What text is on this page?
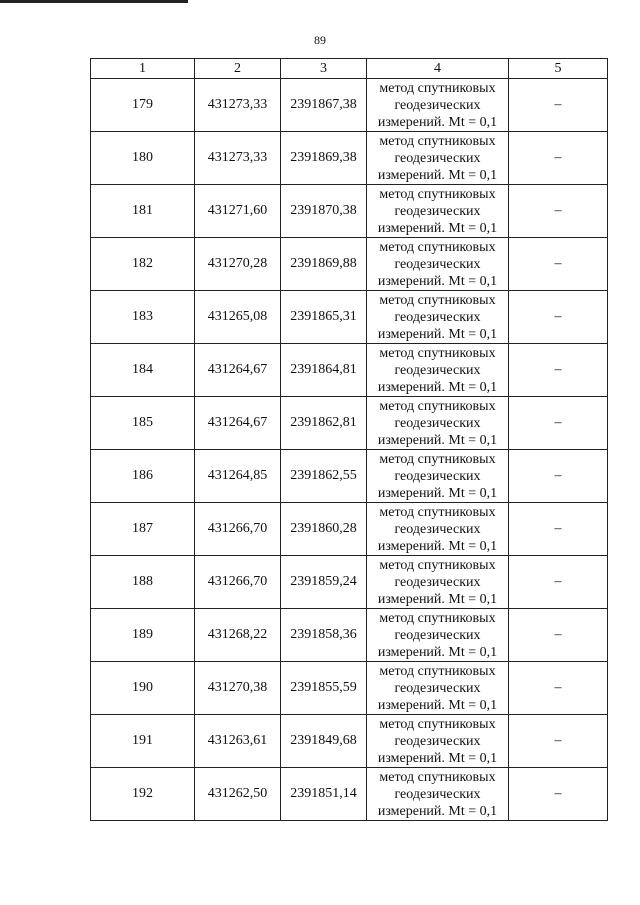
89
1	2	3	4	5
179	431273,33	2391867,38	метод спутниковых
геодезических
измерений. Mt = 0,1	–
180	431273,33	2391869,38	метод спутниковых
геодезических
измерений. Mt = 0,1	–
181	431271,60	2391870,38	метод спутниковых
геодезических
измерений. Mt = 0,1	–
182	431270,28	2391869,88	метод спутниковых
геодезических
измерений. Mt = 0,1	–
183	431265,08	2391865,31	метод спутниковых
геодезических
измерений. Mt = 0,1	–
184	431264,67	2391864,81	метод спутниковых
геодезических
измерений. Mt = 0,1	–
185	431264,67	2391862,81	метод спутниковых
геодезических
измерений. Mt = 0,1	–
186	431264,85	2391862,55	метод спутниковых
геодезических
измерений. Mt = 0,1	–
187	431266,70	2391860,28	метод спутниковых
геодезических
измерений. Mt = 0,1	–
188	431266,70	2391859,24	метод спутниковых
геодезических
измерений. Mt = 0,1	–
189	431268,22	2391858,36	метод спутниковых
геодезических
измерений. Mt = 0,1	–
190	431270,38	2391855,59	метод спутниковых
геодезических
измерений. Mt = 0,1	–
191	431263,61	2391849,68	метод спутниковых
геодезических
измерений. Mt = 0,1	–
192	431262,50	2391851,14	метод спутниковых
геодезических
измерений. Mt = 0,1	–
